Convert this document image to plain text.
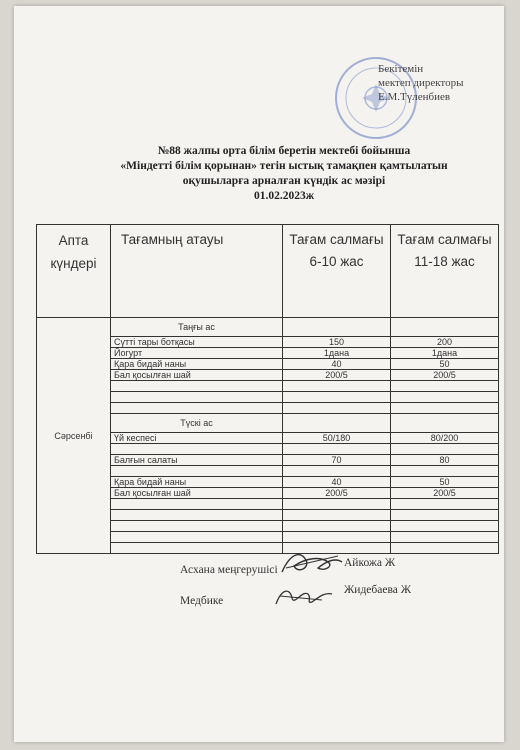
Бекітемін
мектеп директоры
Е.М.Түленбиев
№88 жалпы орта білім беретін мектебі бойынша
«Міндетті білім қорынан» тегін ыстық тамақпен қамтылатын
оқушыларға арналған күндік ас мәзірі
01.02.2023ж
Апта күндері	Тағамның атауы	Тағам салмағы 6-10 жас	Тағам салмағы 11-18 жас
Сәрсенбі	Таңғы ас		
	Сүтті тары ботқасы	150	200
	Йогурт	1дана	1дана
	Қара бидай наны	40	50
	Бал қосылған шай	200/5	200/5

	Түскі ас		
	Үй кеспесі	50/180	80/200

	Балғын салаты	70	80

	Қара бидай наны	40	50
	Бал қосылған шай	200/5	200/5

Асхана меңгерушісі
Айкожа Ж
Медбике
Жидебаева Ж
